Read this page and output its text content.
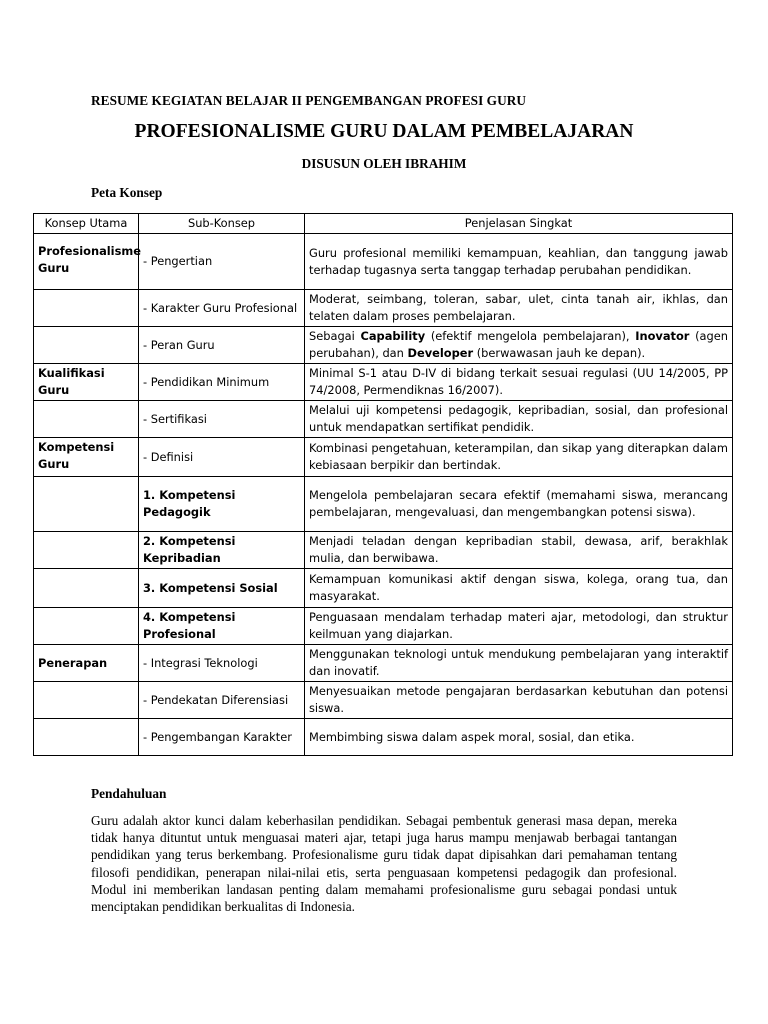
RESUME KEGIATAN BELAJAR II PENGEMBANGAN PROFESI GURU
PROFESIONALISME GURU DALAM PEMBELAJARAN
DISUSUN OLEH IBRAHIM
Peta Konsep
Konsep Utama	Sub-Konsep	Penjelasan Singkat
Profesionalisme Guru	- Pengertian	Guru profesional memiliki kemampuan, keahlian, dan tanggung jawab terhadap tugasnya serta tanggap terhadap perubahan pendidikan.
	- Karakter Guru Profesional	Moderat, seimbang, toleran, sabar, ulet, cinta tanah air, ikhlas, dan telaten dalam proses pembelajaran.
	- Peran Guru	Sebagai Capability (efektif mengelola pembelajaran), Inovator (agen perubahan), dan Developer (berwawasan jauh ke depan).
Kualifikasi Guru	- Pendidikan Minimum	Minimal S-1 atau D-IV di bidang terkait sesuai regulasi (UU 14/2005, PP 74/2008, Permendiknas 16/2007).
	- Sertifikasi	Melalui uji kompetensi pedagogik, kepribadian, sosial, dan profesional untuk mendapatkan sertifikat pendidik.
Kompetensi Guru	- Definisi	Kombinasi pengetahuan, keterampilan, dan sikap yang diterapkan dalam kebiasaan berpikir dan bertindak.
	1. Kompetensi Pedagogik	Mengelola pembelajaran secara efektif (memahami siswa, merancang pembelajaran, mengevaluasi, dan mengembangkan potensi siswa).
	2. Kompetensi Kepribadian	Menjadi teladan dengan kepribadian stabil, dewasa, arif, berakhlak mulia, dan berwibawa.
	3. Kompetensi Sosial	Kemampuan komunikasi aktif dengan siswa, kolega, orang tua, dan masyarakat.
	4. Kompetensi Profesional	Penguasaan mendalam terhadap materi ajar, metodologi, dan struktur keilmuan yang diajarkan.
Penerapan	- Integrasi Teknologi	Menggunakan teknologi untuk mendukung pembelajaran yang interaktif dan inovatif.
	- Pendekatan Diferensiasi	Menyesuaikan metode pengajaran berdasarkan kebutuhan dan potensi siswa.
	- Pengembangan Karakter	Membimbing siswa dalam aspek moral, sosial, dan etika.
Pendahuluan

Guru adalah aktor kunci dalam keberhasilan pendidikan. Sebagai pembentuk generasi masa depan, mereka tidak hanya dituntut untuk menguasai materi ajar, tetapi juga harus mampu menjawab berbagai tantangan pendidikan yang terus berkembang. Profesionalisme guru tidak dapat dipisahkan dari pemahaman tentang filosofi pendidikan, penerapan nilai-nilai etis, serta penguasaan kompetensi pedagogik dan profesional. Modul ini memberikan landasan penting dalam memahami profesionalisme guru sebagai pondasi untuk menciptakan pendidikan berkualitas di Indonesia.
